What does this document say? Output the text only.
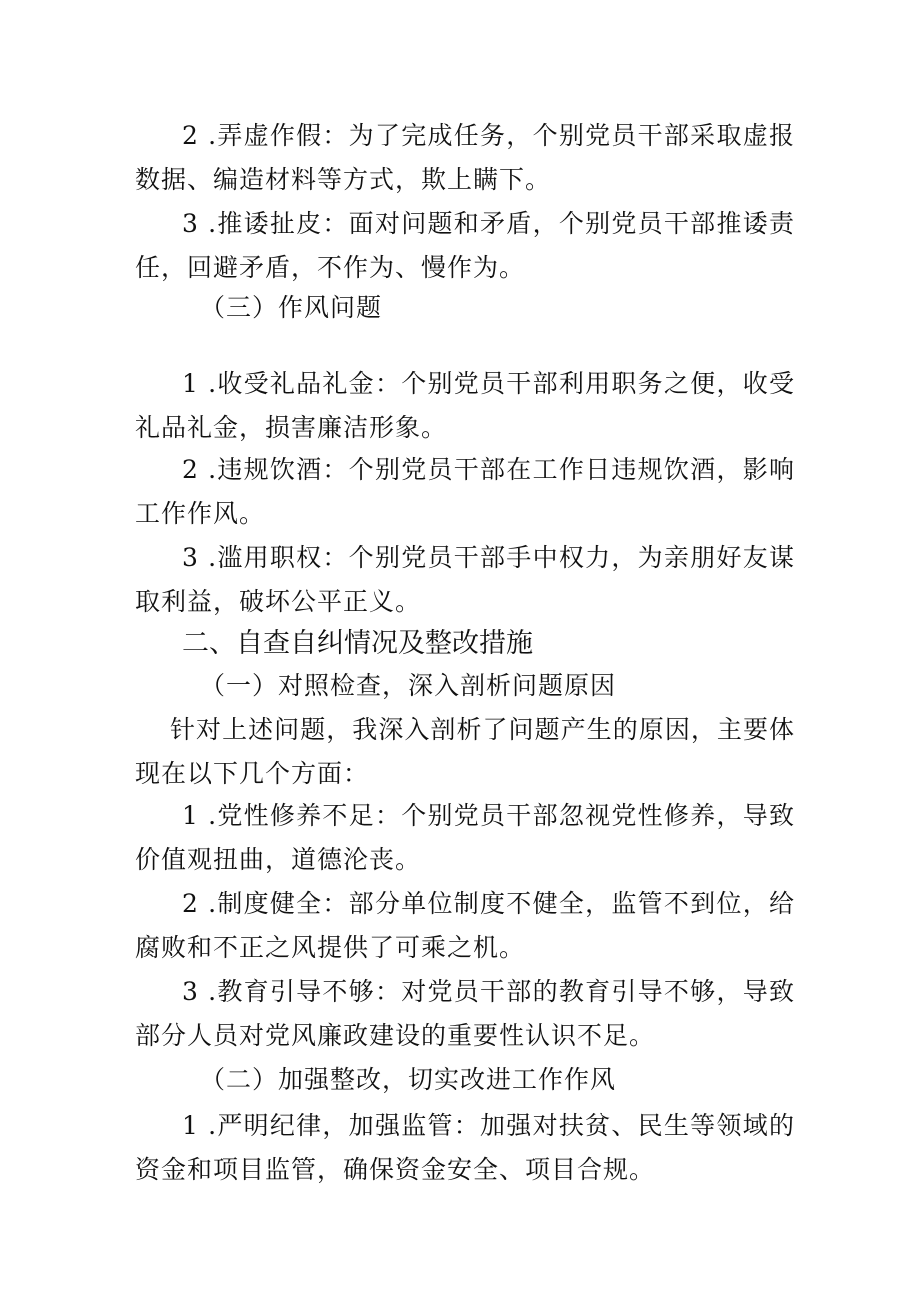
2 .弄虚作假：为了完成任务，个别党员干部采取虚报数据、编造材料等方式，欺上瞒下。

3 .推诿扯皮：面对问题和矛盾，个别党员干部推诿责任，回避矛盾，不作为、慢作为。

（三）作风问题

1 .收受礼品礼金：个别党员干部利用职务之便，收受礼品礼金，损害廉洁形象。

2 .违规饮酒：个别党员干部在工作日违规饮酒，影响工作作风。

3 .滥用职权：个别党员干部手中权力，为亲朋好友谋取利益，破坏公平正义。

二、自查自纠情况及整改措施

（一）对照检查，深入剖析问题原因

针对上述问题，我深入剖析了问题产生的原因，主要体现在以下几个方面：

1 .党性修养不足：个别党员干部忽视党性修养，导致价值观扭曲，道德沦丧。

2 .制度健全：部分单位制度不健全，监管不到位，给腐败和不正之风提供了可乘之机。

3 .教育引导不够：对党员干部的教育引导不够，导致部分人员对党风廉政建设的重要性认识不足。

（二）加强整改，切实改进工作作风

1 .严明纪律，加强监管：加强对扶贫、民生等领域的资金和项目监管，确保资金安全、项目合规。
